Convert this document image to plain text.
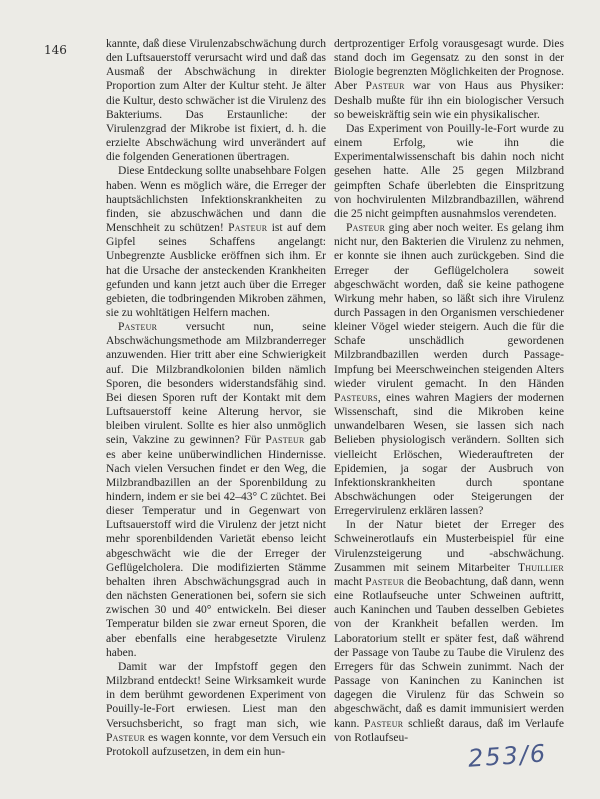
146	kannte, daß diese Virulenzabschwächung durch den Luftsauerstoff verursacht wird und daß das Ausmaß der Abschwächung in direkter Proportion zum Alter der Kultur steht. Je älter die Kultur, desto schwächer ist die Virulenz des Bakteriums. Das Erstaunliche: der Virulenzgrad der Mikrobe ist fixiert, d. h. die erzielte Abschwächung wird unverändert auf die folgenden Generationen übertragen.

Diese Entdeckung sollte unabsehbare Folgen haben. Wenn es möglich wäre, die Erreger der hauptsächlichsten Infektionskrankheiten zu finden, sie abzuschwächen und dann die Menschheit zu schützen! Pasteur ist auf dem Gipfel seines Schaffens angelangt: Unbegrenzte Ausblicke eröffnen sich ihm. Er hat die Ursache der ansteckenden Krankheiten gefunden und kann jetzt auch über die Erreger gebieten, die todbringenden Mikroben zähmen, sie zu wohltätigen Helfern machen.

Pasteur versucht nun, seine Abschwächungsmethode am Milzbranderreger anzuwenden. Hier tritt aber eine Schwierigkeit auf. Die Milzbrandkolonien bilden nämlich Sporen, die besonders widerstandsfähig sind. Bei diesen Sporen ruft der Kontakt mit dem Luftsauerstoff keine Alterung hervor, sie bleiben virulent. Sollte es hier also unmöglich sein, Vakzine zu gewinnen? Für Pasteur gab es aber keine unüberwindlichen Hindernisse. Nach vielen Versuchen findet er den Weg, die Milzbrandbazillen an der Sporenbildung zu hindern, indem er sie bei 42–43° C züchtet. Bei dieser Temperatur und in Gegenwart von Luftsauerstoff wird die Virulenz der jetzt nicht mehr sporenbildenden Varietät ebenso leicht abgeschwächt wie die der Erreger der Geflügelcholera. Die modifizierten Stämme behalten ihren Abschwächungsgrad auch in den nächsten Generationen bei, sofern sie sich zwischen 30 und 40° entwickeln. Bei dieser Temperatur bilden sie zwar erneut Sporen, die aber ebenfalls eine herabgesetzte Virulenz haben.

Damit war der Impfstoff gegen den Milzbrand entdeckt! Seine Wirksamkeit wurde in dem berühmt gewordenen Experiment von Pouilly-le-Fort erwiesen. Liest man den Versuchsbericht, so fragt man sich, wie Pasteur es wagen konnte, vor dem Versuch ein Protokoll aufzusetzen, in dem ein hun-

dertprozentiger Erfolg vorausgesagt wurde. Dies stand doch im Gegensatz zu den sonst in der Biologie begrenzten Möglichkeiten der Prognose. Aber Pasteur war von Haus aus Physiker: Deshalb mußte für ihn ein biologischer Versuch so beweiskräftig sein wie ein physikalischer.

Das Experiment von Pouilly-le-Fort wurde zu einem Erfolg, wie ihn die Experimentalwissenschaft bis dahin noch nicht gesehen hatte. Alle 25 gegen Milzbrand geimpften Schafe überlebten die Einspritzung von hochvirulenten Milzbrandbazillen, während die 25 nicht geimpften ausnahmslos verendeten.

Pasteur ging aber noch weiter. Es gelang ihm nicht nur, den Bakterien die Virulenz zu nehmen, er konnte sie ihnen auch zurückgeben. Sind die Erreger der Geflügelcholera soweit abgeschwächt worden, daß sie keine pathogene Wirkung mehr haben, so läßt sich ihre Virulenz durch Passagen in den Organismen verschiedener kleiner Vögel wieder steigern. Auch die für die Schafe unschädlich gewordenen Milzbrandbazillen werden durch Passage-Impfung bei Meerschweinchen steigenden Alters wieder virulent gemacht. In den Händen Pasteurs, eines wahren Magiers der modernen Wissenschaft, sind die Mikroben keine unwandelbaren Wesen, sie lassen sich nach Belieben physiologisch verändern. Sollten sich vielleicht Erlöschen, Wiederauftreten der Epidemien, ja sogar der Ausbruch von Infektionskrankheiten durch spontane Abschwächungen oder Steigerungen der Erregervirulenz erklären lassen?

In der Natur bietet der Erreger des Schweinerotlaufs ein Musterbeispiel für eine Virulenzsteigerung und -abschwächung. Zusammen mit seinem Mitarbeiter Thuillier macht Pasteur die Beobachtung, daß dann, wenn eine Rotlaufseuche unter Schweinen auftritt, auch Kaninchen und Tauben desselben Gebietes von der Krankheit befallen werden. Im Laboratorium stellt er später fest, daß während der Passage von Taube zu Taube die Virulenz des Erregers für das Schwein zunimmt. Nach der Passage von Kaninchen zu Kaninchen ist dagegen die Virulenz für das Schwein so abgeschwächt, daß es damit immunisiert werden kann. Pasteur schließt daraus, daß im Verlaufe von Rotlaufseu-

253/6
